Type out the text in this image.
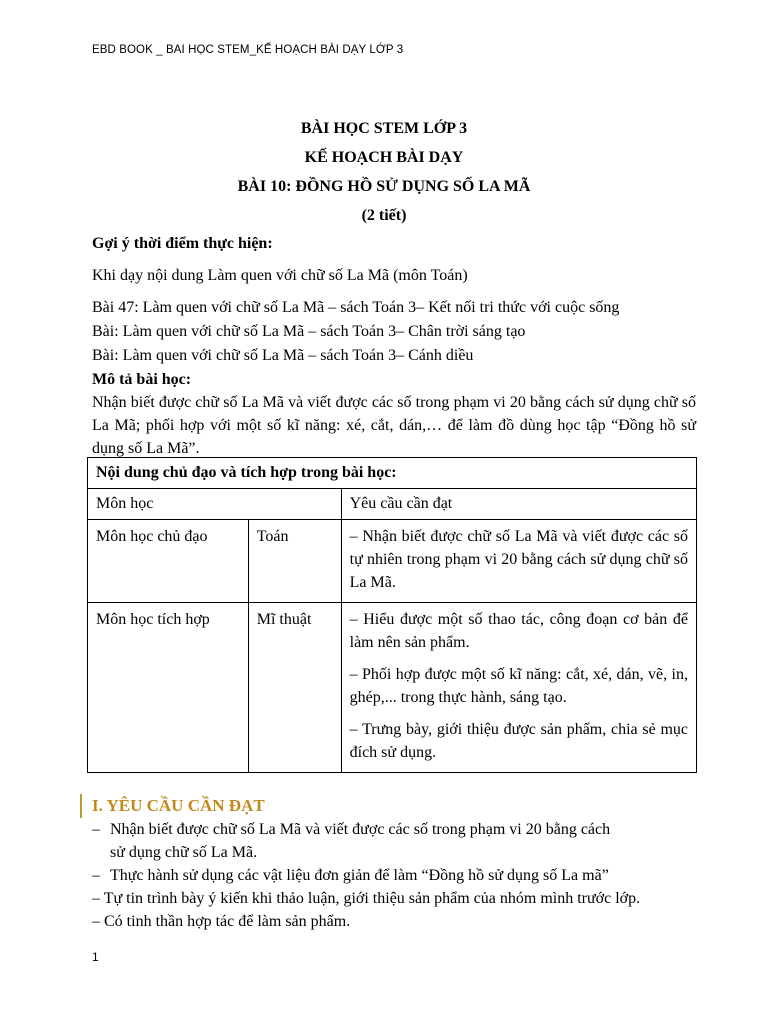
EBD BOOK _ BAI HỌC STEM_KẾ HOẠCH BÀI DẠY LỚP 3
BÀI HỌC STEM LỚP 3
KẾ HOẠCH BÀI DẠY
BÀI 10: ĐỒNG HỒ SỬ DỤNG SỐ LA MÃ
(2 tiết)
Gợi ý thời điểm thực hiện:
Khi dạy nội dung Làm quen với chữ số La Mã (môn Toán)
Bài 47: Làm quen với chữ số La Mã – sách Toán 3– Kết nối tri thức với cuộc sống
Bài: Làm quen với chữ số La Mã – sách Toán 3– Chân trời sáng tạo
Bài: Làm quen với chữ số La Mã – sách Toán 3– Cánh diều
Mô tả bài học:
Nhận biết được chữ số La Mã và viết được các số trong phạm vi 20 bằng cách sử dụng chữ số La Mã; phối hợp với một số kĩ năng: xé, cắt, dán,… để làm đồ dùng học tập “Đồng hồ sử dụng số La Mã”.
Nội dung chủ đạo và tích hợp trong bài học:		
Môn học		Yêu cầu cần đạt
Môn học chủ đạo	Toán	– Nhận biết được chữ số La Mã và viết được các số tự nhiên trong phạm vi 20 bằng cách sử dụng chữ số La Mã.

Môn học tích hợp	Mĩ thuật	– Hiểu được một số thao tác, công đoạn cơ bản để làm nên sản phẩm.
– Phối hợp được một số kĩ năng: cắt, xé, dán, vẽ, in, ghép,... trong thực hành, sáng tạo.
– Trưng bày, giới thiệu được sản phẩm, chia sẻ mục đích sử dụng.
I. YÊU CẦU CẦN ĐẠT
– Nhận biết được chữ số La Mã và viết được các số trong phạm vi 20 bằng cách
sử dụng chữ số La Mã.
– Thực hành sử dụng các vật liệu đơn giản để làm “Đồng hồ sử dụng số La mã”
– Tự tin trình bày ý kiến khi thảo luận, giới thiệu sản phẩm của nhóm mình trước lớp.
– Có tinh thần hợp tác để làm sản phẩm.
1
